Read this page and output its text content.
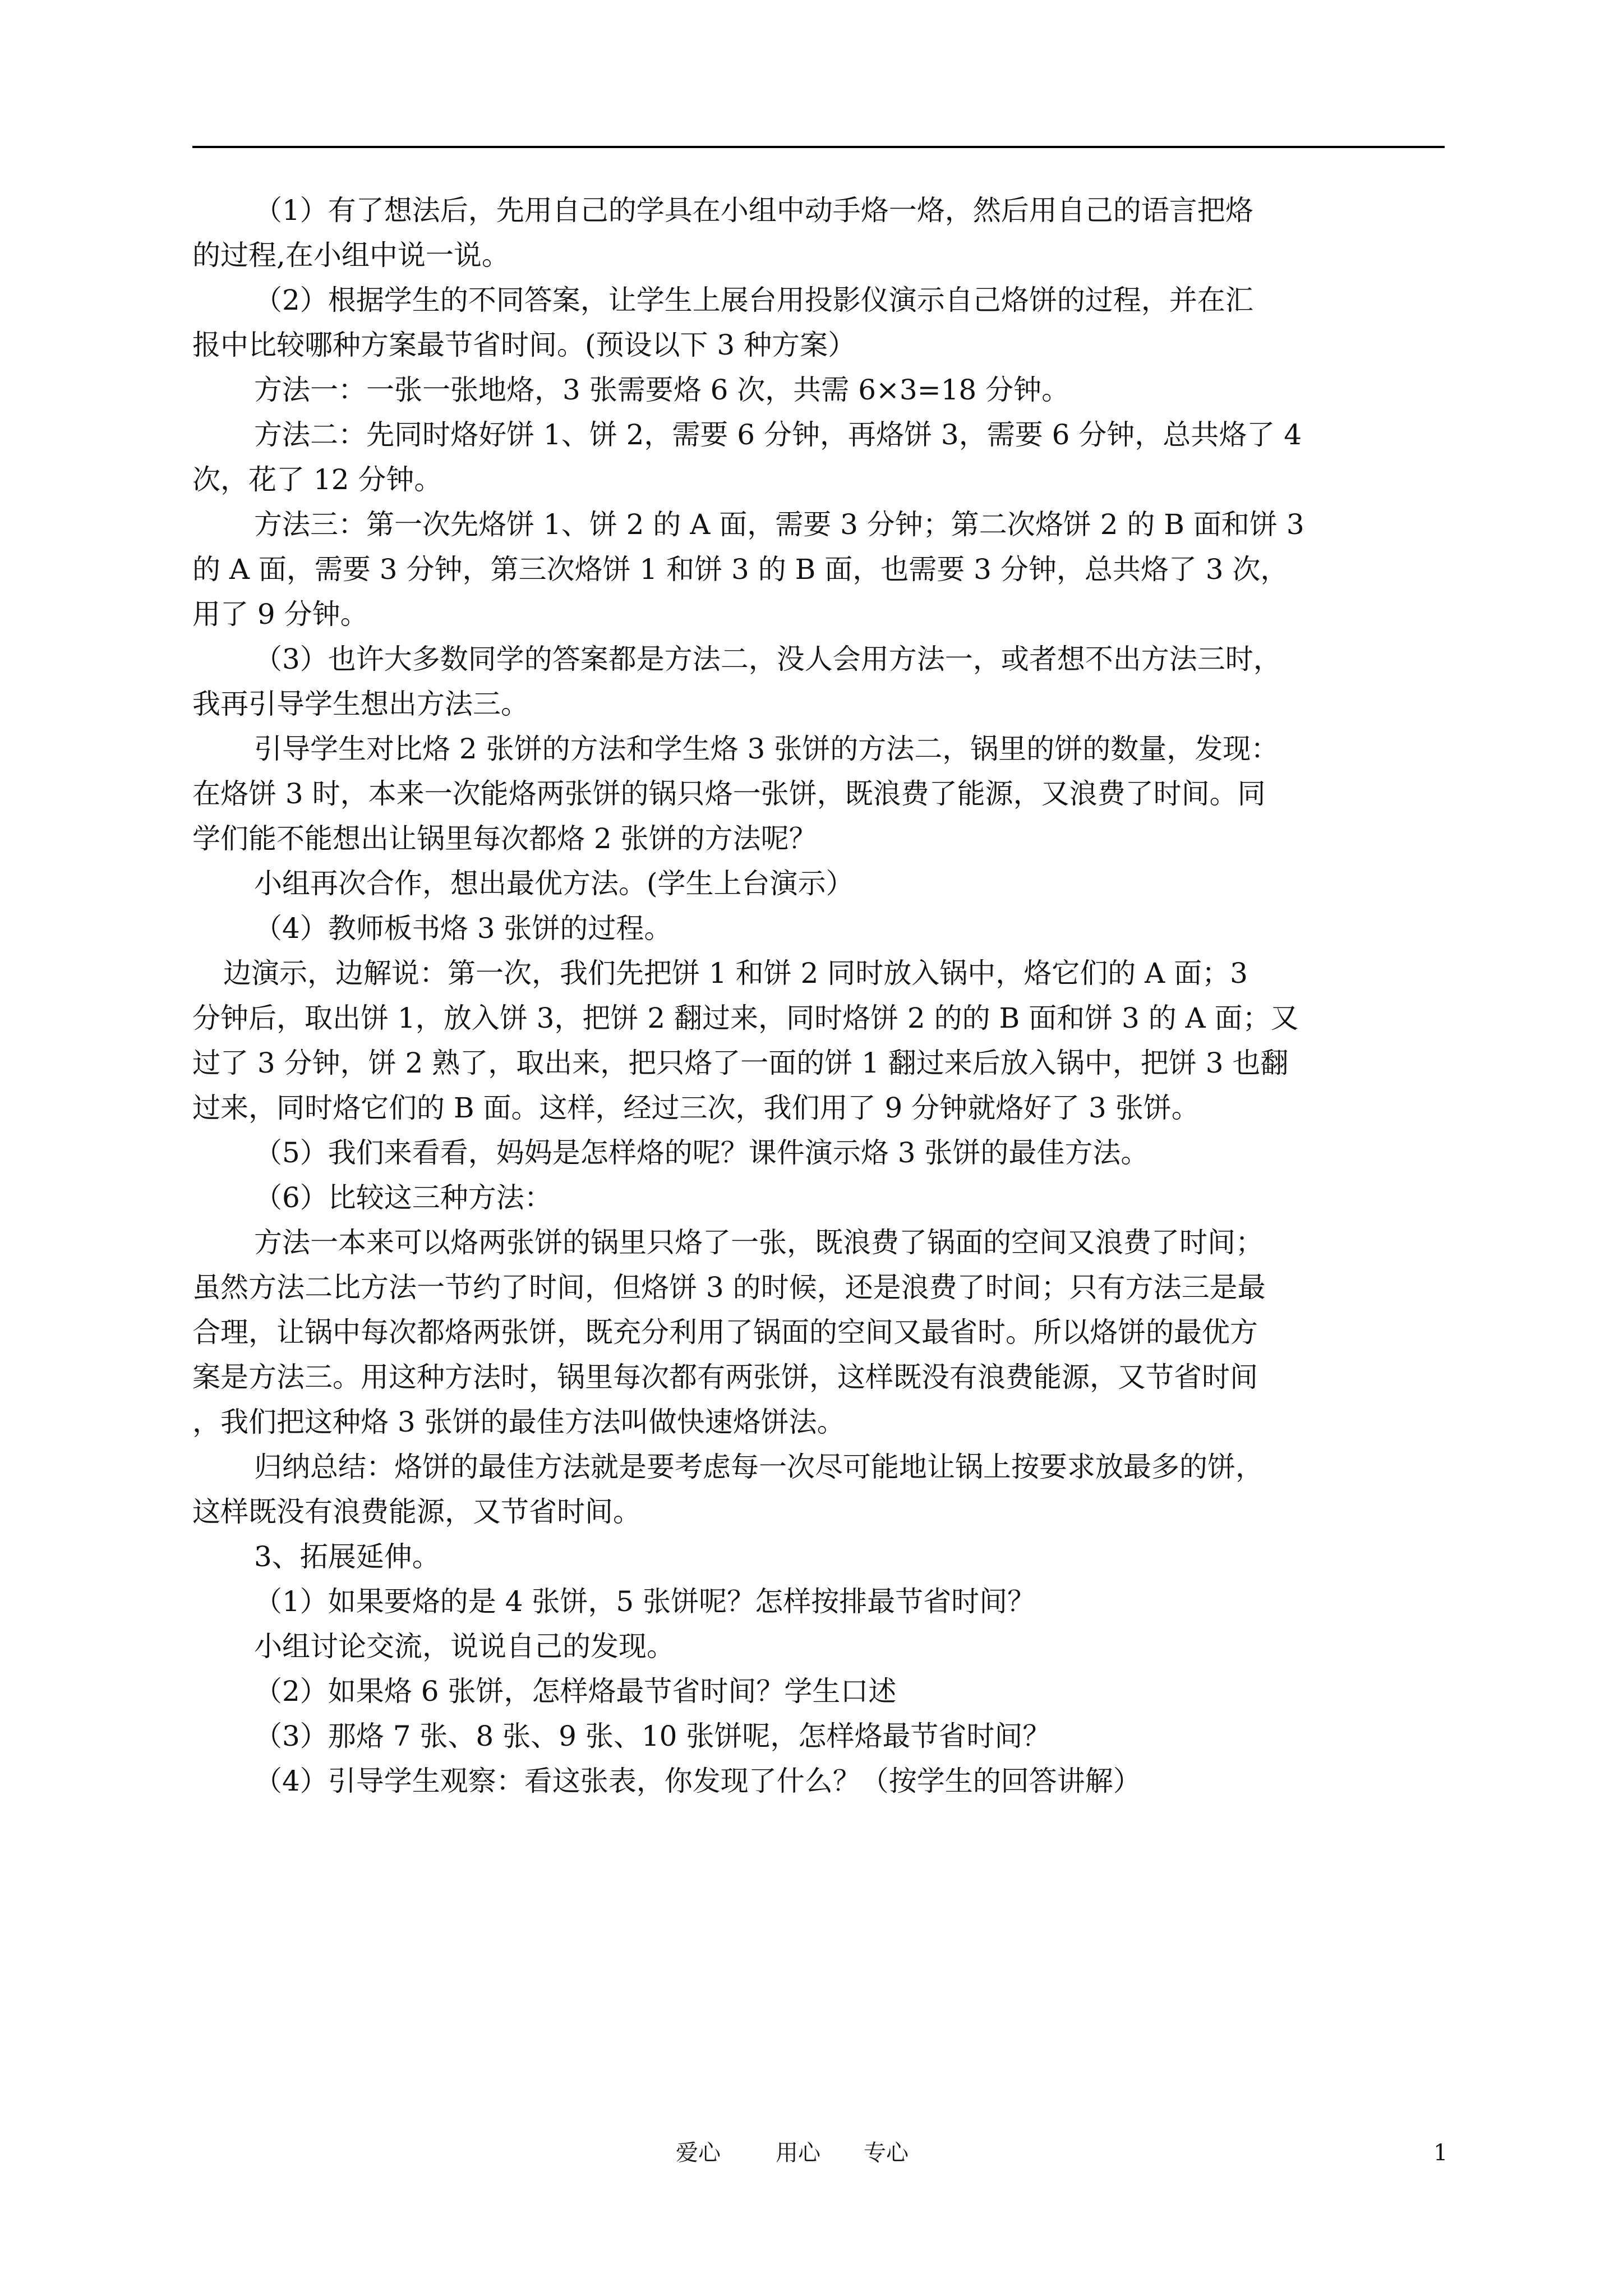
（1）有了想法后，先用自己的学具在小组中动手烙一烙，然后用自己的语言把烙
的过程,在小组中说一说。
（2）根据学生的不同答案，让学生上展台用投影仪演示自己烙饼的过程，并在汇
报中比较哪种方案最节省时间。(预设以下 3 种方案）
方法一：一张一张地烙，3 张需要烙 6 次，共需 6×3=18 分钟。
方法二：先同时烙好饼 1、饼 2，需要 6 分钟，再烙饼 3，需要 6 分钟，总共烙了 4
次，花了 12 分钟。
方法三：第一次先烙饼 1、饼 2 的 A 面，需要 3 分钟；第二次烙饼 2 的 B 面和饼 3
的 A 面，需要 3 分钟，第三次烙饼 1 和饼 3 的 B 面，也需要 3 分钟，总共烙了 3 次，
用了 9 分钟。
（3）也许大多数同学的答案都是方法二，没人会用方法一，或者想不出方法三时，
我再引导学生想出方法三。
引导学生对比烙 2 张饼的方法和学生烙 3 张饼的方法二，锅里的饼的数量，发现：
在烙饼 3 时，本来一次能烙两张饼的锅只烙一张饼，既浪费了能源，又浪费了时间。同
学们能不能想出让锅里每次都烙 2 张饼的方法呢？
小组再次合作，想出最优方法。(学生上台演示）
（4）教师板书烙 3 张饼的过程。
边演示，边解说：第一次，我们先把饼 1 和饼 2 同时放入锅中，烙它们的 A 面；3
分钟后，取出饼 1，放入饼 3，把饼 2 翻过来，同时烙饼 2 的的 B 面和饼 3 的 A 面；又
过了 3 分钟，饼 2 熟了，取出来，把只烙了一面的饼 1 翻过来后放入锅中，把饼 3 也翻
过来，同时烙它们的 B 面。这样，经过三次，我们用了 9 分钟就烙好了 3 张饼。
（5）我们来看看，妈妈是怎样烙的呢？课件演示烙 3 张饼的最佳方法。
（6）比较这三种方法：
方法一本来可以烙两张饼的锅里只烙了一张，既浪费了锅面的空间又浪费了时间；
虽然方法二比方法一节约了时间，但烙饼 3 的时候，还是浪费了时间；只有方法三是最
合理，让锅中每次都烙两张饼，既充分利用了锅面的空间又最省时。所以烙饼的最优方
案是方法三。用这种方法时，锅里每次都有两张饼，这样既没有浪费能源，又节省时间
，我们把这种烙 3 张饼的最佳方法叫做快速烙饼法。
归纳总结：烙饼的最佳方法就是要考虑每一次尽可能地让锅上按要求放最多的饼，
这样既没有浪费能源，又节省时间。
3、拓展延伸。
（1）如果要烙的是 4 张饼，5 张饼呢？怎样按排最节省时间？
小组讨论交流，说说自己的发现。
（2）如果烙 6 张饼，怎样烙最节省时间？学生口述
（3）那烙 7 张、8 张、9 张、10 张饼呢，怎样烙最节省时间？
（4）引导学生观察：看这张表，你发现了什么？（按学生的回答讲解）
爱心 用心 专心	1
